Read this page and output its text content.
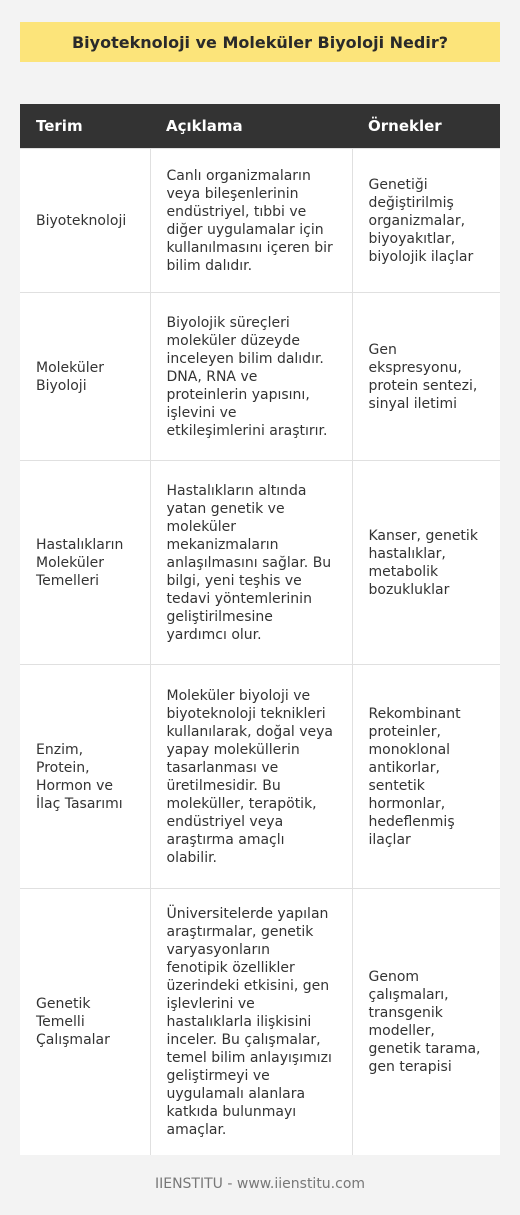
Biyoteknoloji ve Moleküler Biyoloji Nedir?
Terim	Açıklama	Örnekler
Biyoteknoloji	Canlı organizmaların veya bileşenlerinin endüstriyel, tıbbi ve diğer uygulamalar için kullanılmasını içeren bir bilim dalıdır.	Genetiği değiştirilmiş organizmalar, biyoyakıtlar, biyolojik ilaçlar
Moleküler Biyoloji	Biyolojik süreçleri moleküler düzeyde inceleyen bilim dalıdır. DNA, RNA ve proteinlerin yapısını, işlevini ve etkileşimlerini araştırır.	Gen ekspresyonu, protein sentezi, sinyal iletimi
Hastalıkların Moleküler Temelleri	Hastalıkların altında yatan genetik ve moleküler mekanizmaların anlaşılmasını sağlar. Bu bilgi, yeni teşhis ve tedavi yöntemlerinin geliştirilmesine yardımcı olur.	Kanser, genetik hastalıklar, metabolik bozukluklar
Enzim, Protein, Hormon ve İlaç Tasarımı	Moleküler biyoloji ve biyoteknoloji teknikleri kullanılarak, doğal veya yapay moleküllerin tasarlanması ve üretilmesidir. Bu moleküller, terapötik, endüstriyel veya araştırma amaçlı olabilir.	Rekombinant proteinler, monoklonal antikorlar, sentetik hormonlar, hedeflenmiş ilaçlar
Genetik Temelli Çalışmalar	Üniversitelerde yapılan araştırmalar, genetik varyasyonların fenotipik özellikler üzerindeki etkisini, gen işlevlerini ve hastalıklarla ilişkisini inceler. Bu çalışmalar, temel bilim anlayışımızı geliştirmeyi ve uygulamalı alanlara katkıda bulunmayı amaçlar.	Genom çalışmaları, transgenik modeller, genetik tarama, gen terapisi
IIENSTITU - www.iienstitu.com
